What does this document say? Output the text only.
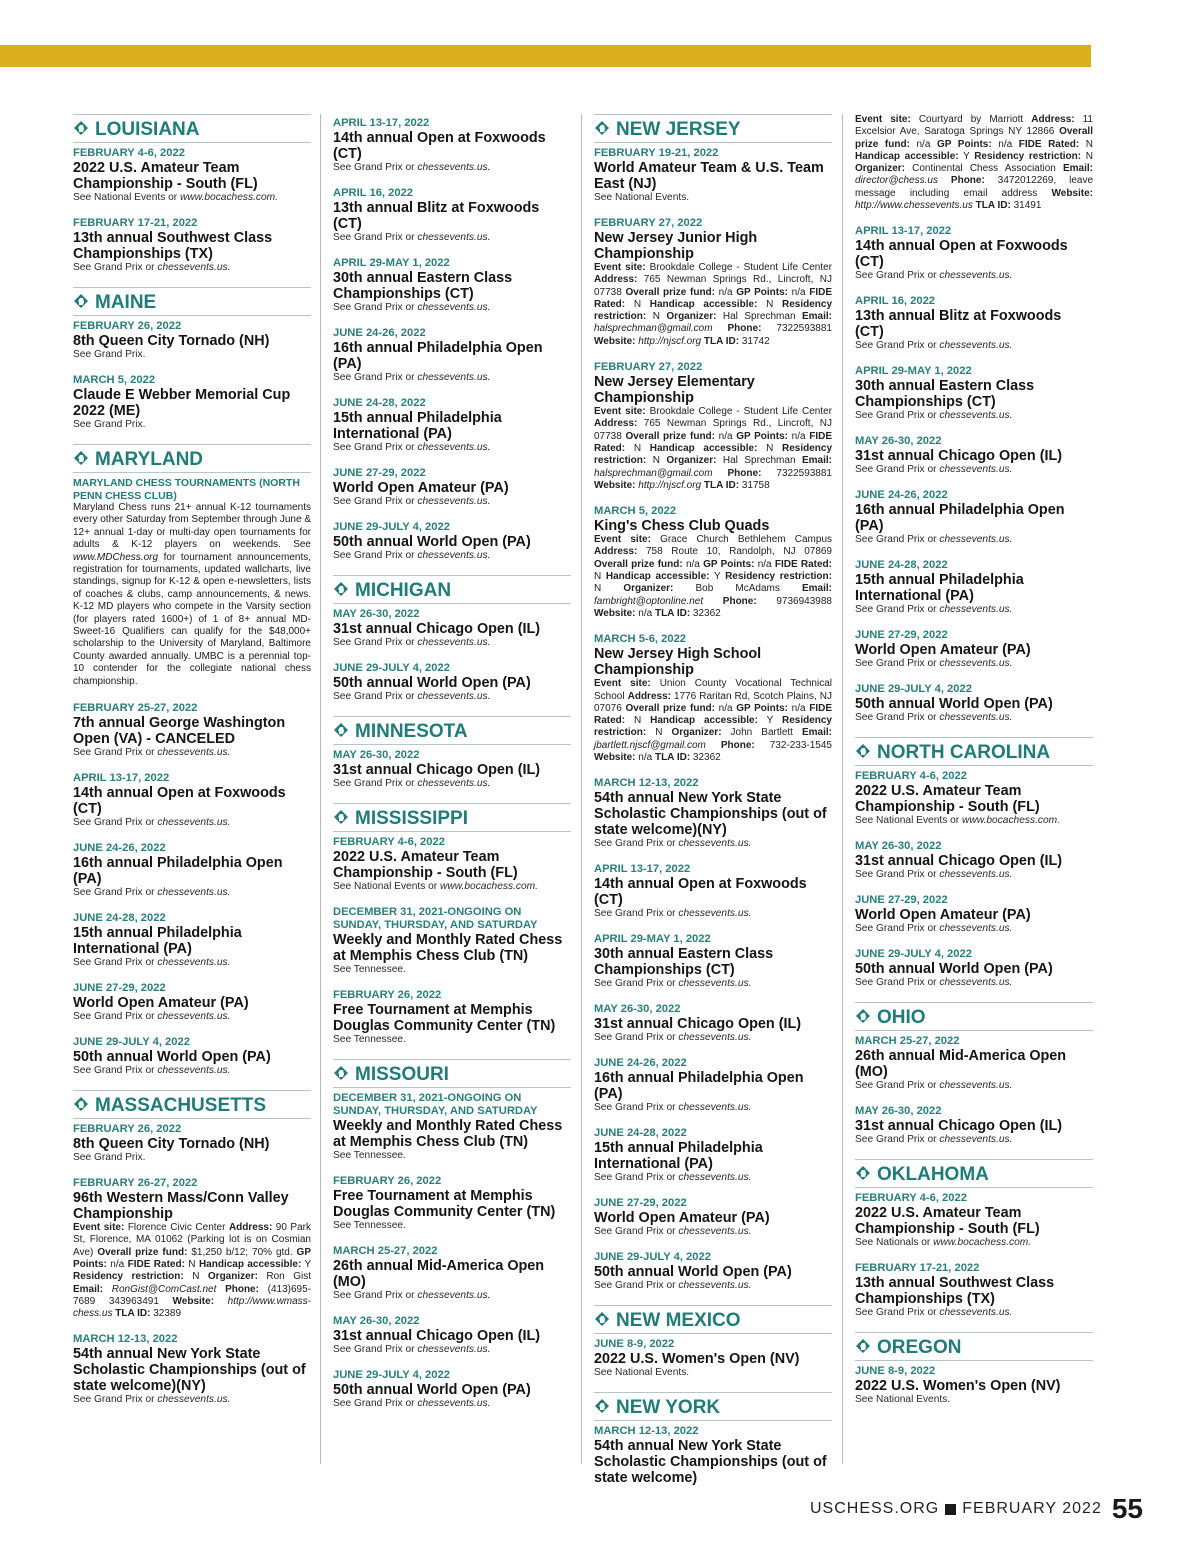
LOUISIANA
FEBRUARY 4-6, 2022
2022 U.S. Amateur Team Championship - South (FL)
See National Events or www.bocachess.com.
FEBRUARY 17-21, 2022
13th annual Southwest Class Championships (TX)
See Grand Prix or chessevents.us.
MAINE
FEBRUARY 26, 2022
8th Queen City Tornado (NH)
See Grand Prix.
MARCH 5, 2022
Claude E Webber Memorial Cup 2022 (ME)
See Grand Prix.
MARYLAND
MARYLAND CHESS TOURNAMENTS (NORTH PENN CHESS CLUB)
Maryland Chess runs 21+ annual K-12 tournaments every other Saturday from September through June & 12+ annual 1-day or multi-day open tournaments for adults & K-12 players on weekends. See www.MDChess.org for tournament announcements, registration for tournaments, updated wallcharts, live standings, signup for K-12 & open e-newsletters, lists of coaches & clubs, camp announcements, & news. K-12 MD players who compete in the Varsity section (for players rated 1600+) of 1 of 8+ annual MD-Sweet-16 Qualifiers can qualify for the $48,000+ scholarship to the University of Maryland, Baltimore County awarded annually. UMBC is a perennial top-10 contender for the collegiate national chess championship.
FEBRUARY 25-27, 2022
7th annual George Washington Open (VA) - CANCELED
See Grand Prix or chessevents.us.
APRIL 13-17, 2022
14th annual Open at Foxwoods (CT)
See Grand Prix or chessevents.us.
JUNE 24-26, 2022
16th annual Philadelphia Open (PA)
See Grand Prix or chessevents.us.
JUNE 24-28, 2022
15th annual Philadelphia International (PA)
See Grand Prix or chessevents.us.
JUNE 27-29, 2022
World Open Amateur (PA)
See Grand Prix or chessevents.us.
JUNE 29-JULY 4, 2022
50th annual World Open (PA)
See Grand Prix or chessevents.us.
MASSACHUSETTS
FEBRUARY 26, 2022
8th Queen City Tornado (NH)
See Grand Prix.
FEBRUARY 26-27, 2022
96th Western Mass/Conn Valley Championship
Event site: Florence Civic Center Address: 90 Park St, Florence, MA 01062 (Parking lot is on Cosmian Ave) Overall prize fund: $1,250 b/12; 70% gtd. GP Points: n/a FIDE Rated: N Handicap accessible: Y Residency restriction: N Organizer: Ron Gist Email: RonGist@ComCast.net Phone: (413)695-7689 343963491 Website: http://www.wmass-chess.us TLA ID: 32389
MARCH 12-13, 2022
54th annual New York State Scholastic Championships (out of state welcome)(NY)
See Grand Prix or chessevents.us.
APRIL 13-17, 2022
14th annual Open at Foxwoods (CT)
See Grand Prix or chessevents.us.
APRIL 16, 2022
13th annual Blitz at Foxwoods (CT)
See Grand Prix or chessevents.us.
APRIL 29-MAY 1, 2022
30th annual Eastern Class Championships (CT)
See Grand Prix or chessevents.us.
JUNE 24-26, 2022
16th annual Philadelphia Open (PA)
See Grand Prix or chessevents.us.
JUNE 24-28, 2022
15th annual Philadelphia International (PA)
See Grand Prix or chessevents.us.
JUNE 27-29, 2022
World Open Amateur (PA)
See Grand Prix or chessevents.us.
JUNE 29-JULY 4, 2022
50th annual World Open (PA)
See Grand Prix or chessevents.us.
MICHIGAN
MAY 26-30, 2022
31st annual Chicago Open (IL)
See Grand Prix or chessevents.us.
JUNE 29-JULY 4, 2022
50th annual World Open (PA)
See Grand Prix or chessevents.us.
MINNESOTA
MAY 26-30, 2022
31st annual Chicago Open (IL)
See Grand Prix or chessevents.us.
MISSISSIPPI
FEBRUARY 4-6, 2022
2022 U.S. Amateur Team Championship - South (FL)
See National Events or www.bocachess.com.
DECEMBER 31, 2021-ONGOING ON SUNDAY, THURSDAY, AND SATURDAY
Weekly and Monthly Rated Chess at Memphis Chess Club (TN)
See Tennessee.
FEBRUARY 26, 2022
Free Tournament at Memphis Douglas Community Center (TN)
See Tennessee.
MISSOURI
DECEMBER 31, 2021-ONGOING ON SUNDAY, THURSDAY, AND SATURDAY
Weekly and Monthly Rated Chess at Memphis Chess Club (TN)
See Tennessee.
FEBRUARY 26, 2022
Free Tournament at Memphis Douglas Community Center (TN)
See Tennessee.
MARCH 25-27, 2022
26th annual Mid-America Open (MO)
See Grand Prix or chessevents.us.
MAY 26-30, 2022
31st annual Chicago Open (IL)
See Grand Prix or chessevents.us.
JUNE 29-JULY 4, 2022
50th annual World Open (PA)
See Grand Prix or chessevents.us.
NEW JERSEY
FEBRUARY 19-21, 2022
World Amateur Team & U.S. Team East (NJ)
See National Events.
FEBRUARY 27, 2022
New Jersey Junior High Championship
Event site: Brookdale College - Student Life Center Address: 765 Newman Springs Rd., Lincroft, NJ 07738 Overall prize fund: n/a GP Points: n/a FIDE Rated: N Handicap accessible: N Residency restriction: N Organizer: Hal Sprechman Email: halsprechman@gmail.com Phone: 7322593881 Website: http://njscf.org TLA ID: 31742
FEBRUARY 27, 2022
New Jersey Elementary Championship
Event site: Brookdale College - Student Life Center Address: 765 Newman Springs Rd., Lincroft, NJ 07738 Overall prize fund: n/a GP Points: n/a FIDE Rated: N Handicap accessible: N Residency restriction: N Organizer: Hal Sprechman Email: halsprechman@gmail.com Phone: 7322593881 Website: http://njscf.org TLA ID: 31758
MARCH 5, 2022
King's Chess Club Quads
Event site: Grace Church Bethlehem Campus Address: 758 Route 10, Randolph, NJ 07869 Overall prize fund: n/a GP Points: n/a FIDE Rated: N Handicap accessible: Y Residency restriction: N Organizer: Bob McAdams Email: fambright@optonline.net Phone: 9736943988 Website: n/a TLA ID: 32362
MARCH 5-6, 2022
New Jersey High School Championship
Event site: Union County Vocational Technical School Address: 1776 Raritan Rd, Scotch Plains, NJ 07076 Overall prize fund: n/a GP Points: n/a FIDE Rated: N Handicap accessible: Y Residency restriction: N Organizer: John Bartlett Email: jbartlett.njscf@gmail.com Phone: 732-233-1545 Website: n/a TLA ID: 32362
MARCH 12-13, 2022
54th annual New York State Scholastic Championships (out of state welcome)(NY)
See Grand Prix or chessevents.us.
APRIL 13-17, 2022
14th annual Open at Foxwoods (CT)
See Grand Prix or chessevents.us.
APRIL 29-MAY 1, 2022
30th annual Eastern Class Championships (CT)
See Grand Prix or chessevents.us.
MAY 26-30, 2022
31st annual Chicago Open (IL)
See Grand Prix or chessevents.us.
JUNE 24-26, 2022
16th annual Philadelphia Open (PA)
See Grand Prix or chessevents.us.
JUNE 24-28, 2022
15th annual Philadelphia International (PA)
See Grand Prix or chessevents.us.
JUNE 27-29, 2022
World Open Amateur (PA)
See Grand Prix or chessevents.us.
JUNE 29-JULY 4, 2022
50th annual World Open (PA)
See Grand Prix or chessevents.us.
NEW MEXICO
JUNE 8-9, 2022
2022 U.S. Women's Open (NV)
See National Events.
NEW YORK
MARCH 12-13, 2022
54th annual New York State Scholastic Championships (out of state welcome)
Event site: Courtyard by Marriott Address: 11 Excelsior Ave, Saratoga Springs NY 12866 Overall prize fund: n/a GP Points: n/a FIDE Rated: N Handicap accessible: Y Residency restriction: N Organizer: Continental Chess Association Email: director@chess.us Phone: 3472012269, leave message including email address Website: http://www.chessevents.us TLA ID: 31491
APRIL 13-17, 2022
14th annual Open at Foxwoods (CT)
See Grand Prix or chessevents.us.
APRIL 16, 2022
13th annual Blitz at Foxwoods (CT)
See Grand Prix or chessevents.us.
APRIL 29-MAY 1, 2022
30th annual Eastern Class Championships (CT)
See Grand Prix or chessevents.us.
MAY 26-30, 2022
31st annual Chicago Open (IL)
See Grand Prix or chessevents.us.
JUNE 24-26, 2022
16th annual Philadelphia Open (PA)
See Grand Prix or chessevents.us.
JUNE 24-28, 2022
15th annual Philadelphia International (PA)
See Grand Prix or chessevents.us.
JUNE 27-29, 2022
World Open Amateur (PA)
See Grand Prix or chessevents.us.
JUNE 29-JULY 4, 2022
50th annual World Open (PA)
See Grand Prix or chessevents.us.
NORTH CAROLINA
FEBRUARY 4-6, 2022
2022 U.S. Amateur Team Championship - South (FL)
See National Events or www.bocachess.com.
MAY 26-30, 2022
31st annual Chicago Open (IL)
See Grand Prix or chessevents.us.
JUNE 27-29, 2022
World Open Amateur (PA)
See Grand Prix or chessevents.us.
JUNE 29-JULY 4, 2022
50th annual World Open (PA)
See Grand Prix or chessevents.us.
OHIO
MARCH 25-27, 2022
26th annual Mid-America Open (MO)
See Grand Prix or chessevents.us.
MAY 26-30, 2022
31st annual Chicago Open (IL)
See Grand Prix or chessevents.us.
OKLAHOMA
FEBRUARY 4-6, 2022
2022 U.S. Amateur Team Championship - South (FL)
See Nationals or www.bocachess.com.
FEBRUARY 17-21, 2022
13th annual Southwest Class Championships (TX)
See Grand Prix or chessevents.us.
OREGON
JUNE 8-9, 2022
2022 U.S. Women's Open (NV)
See National Events.
USCHESS.ORG FEBRUARY 2022 55
